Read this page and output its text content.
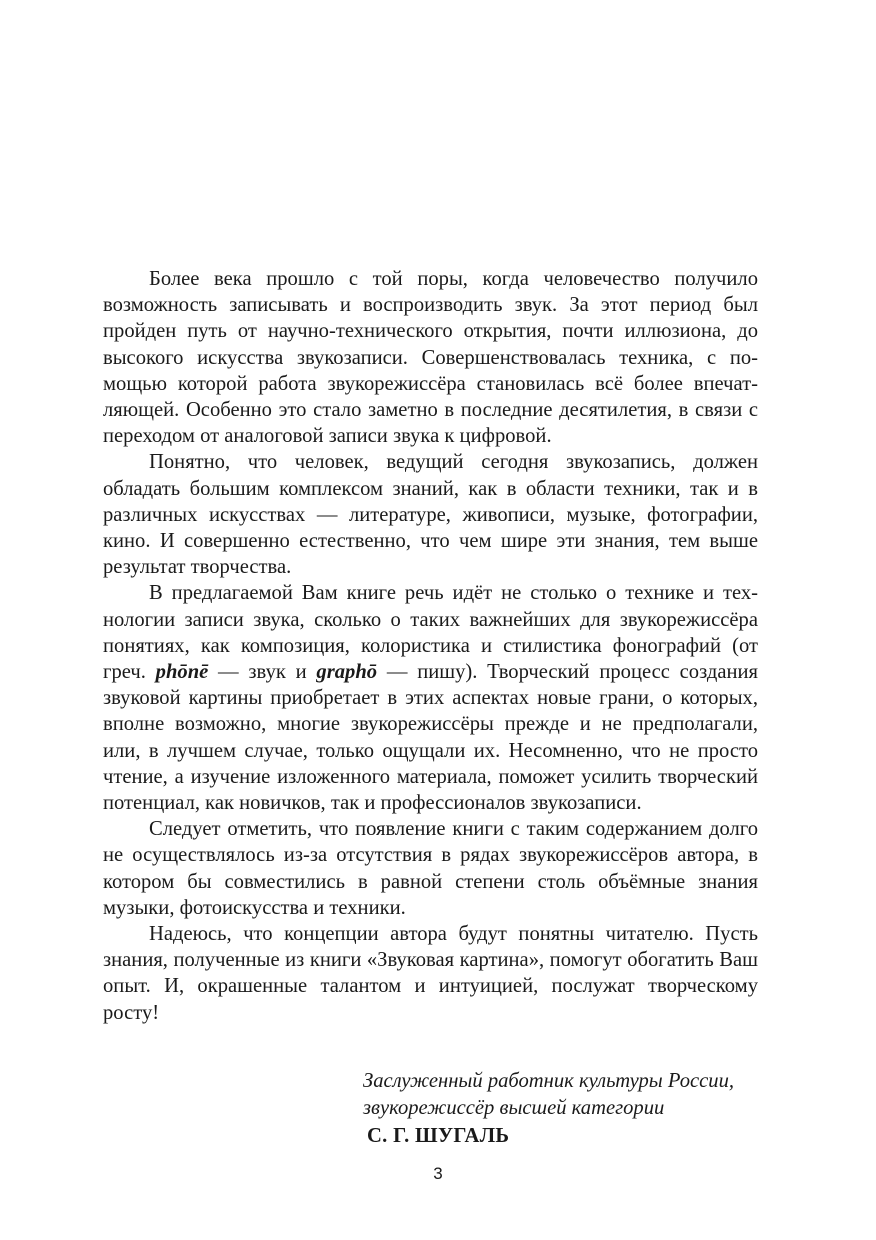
Более века прошло с той поры, когда человечество получило возможность записывать и воспроизводить звук. За этот период был пройден путь от научно-технического открытия, почти иллюзиона, до высокого искусства звукозаписи. Совершенствовалась техника, с помощью которой работа звукорежиссёра становилась всё более впечатляющей. Особенно это стало заметно в последние десятилетия, в связи с переходом от аналоговой записи звука к цифровой.

Понятно, что человек, ведущий сегодня звукозапись, должен обладать большим комплексом знаний, как в области техники, так и в различных искусствах — литературе, живописи, музыке, фотографии, кино. И совершенно естественно, что чем шире эти знания, тем выше результат творчества.

В предлагаемой Вам книге речь идёт не столько о технике и технологии записи звука, сколько о таких важнейших для звукорежиссёра понятиях, как композиция, колористика и стилистика фонографий (от греч. phōnē — звук и graphō — пишу). Творческий процесс создания звуковой картины приобретает в этих аспектах новые грани, о которых, вполне возможно, многие звукорежиссёры прежде и не предполагали, или, в лучшем случае, только ощущали их. Несомненно, что не просто чтение, а изучение изложенного материала, поможет усилить творческий потенциал, как новичков, так и профессионалов звукозаписи.

Следует отметить, что появление книги с таким содержанием долго не осуществлялось из-за отсутствия в рядах звукорежиссёров автора, в котором бы совместились в равной степени столь объёмные знания музыки, фотоискусства и техники.

Надеюсь, что концепции автора будут понятны читателю. Пусть знания, полученные из книги «Звуковая картина», помогут обогатить Ваш опыт. И, окрашенные талантом и интуицией, послужат творческому росту!

Заслуженный работник культуры России,
звукорежиссёр высшей категории
С. Г. ШУГАЛЬ
3
